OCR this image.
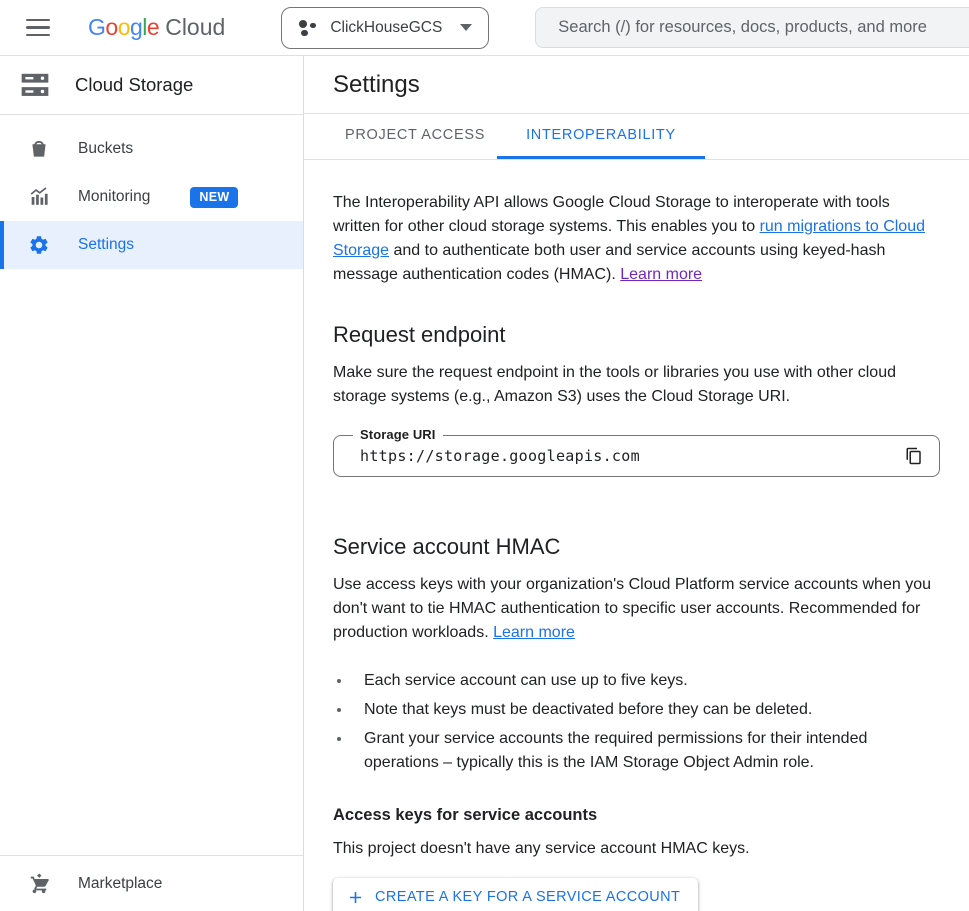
G o o g l e Cloud	ClickHouseGCS
Search (/) for resources, docs, products, and more
Cloud Storage
Buckets
Monitoring	NEW
Settings
Marketplace
Settings
PROJECT ACCESS	INTEROPERABILITY

The Interoperability API allows Google Cloud Storage to interoperate with tools written for other cloud storage systems. This enables you to run migrations to Cloud Storage and to authenticate both user and service accounts using keyed-hash message authentication codes (HMAC). Learn more

Request endpoint

Make sure the request endpoint in the tools or libraries you use with other cloud storage systems (e.g., Amazon S3) uses the Cloud Storage URI.

Storage URI
https://storage.googleapis.com
Service account HMAC

Use access keys with your organization's Cloud Platform service accounts when you don't want to tie HMAC authentication to specific user accounts. Recommended for production workloads. Learn more

• Each service account can use up to five keys.
• Note that keys must be deactivated before they can be deleted.
• Grant your service accounts the required permissions for their intended operations – typically this is the IAM Storage Object Admin role.
Access keys for service accounts

This project doesn't have any service account HMAC keys.

CREATE A KEY FOR A SERVICE ACCOUNT
